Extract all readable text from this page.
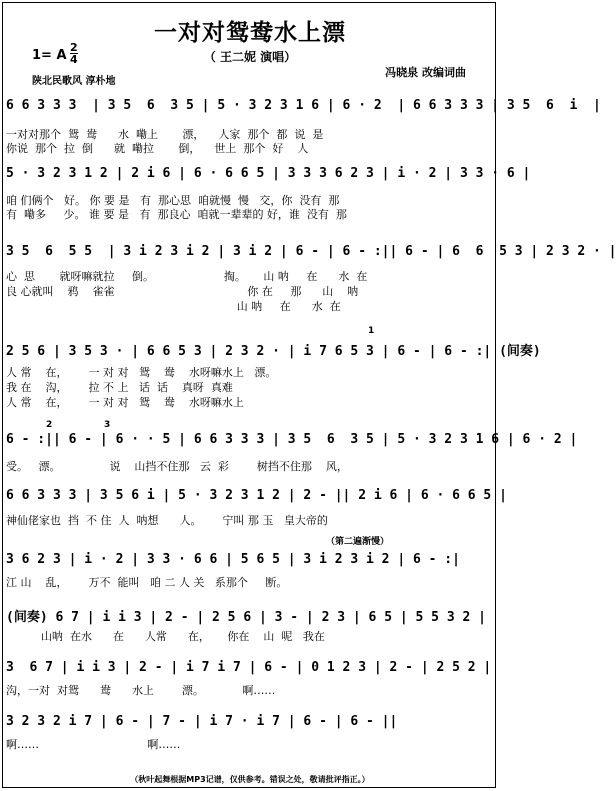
一对对鸳鸯水上漂
（ 王二妮 演唱）
1= A
2
4
陕北民歌风 淳朴地
冯晓泉 改编词曲
6 6 3 3 3  | 3 5  6  3 5 | 5 · 3 2 3 1 6 | 6 · 2  | 6 6 3 3 3 | 3 5  6  i  |
一对对那个  鸳  鸯      水  嘞上       漂，    人家  那个  都  说  是
你说  那个  拉  倒      就  嘞拉       倒，    世上  那个  好    人
5 · 3 2 3 1 2 | 2 i 6 | 6 · 6 6 5 | 3 3 3 6 2 3 | i · 2 | 3 3 · 6 |
咱 们俩个   好。 你 要 是   有  那心思  咱就慢  慢   交，你  没有  那
有  嘞多     少。 谁 要 是   有  那良心  咱就一辈辈的 好，谁  没有  那
3 5  6  5 5  | 3 i 2 3 i 2 | 3 i 2 | 6 - | 6 - :|| 6 - | 6  6  5 3 | 2 3 2 · |
心  思       就呀嘛就拉     倒。                    掏。     山 呐     在      水  在
良 心就叫    鸦    雀雀                                      你 在     那      山    呐
山 呐     在      水  在
1
2 5 6 | 3 5 3 · | 6 6 5 3 | 2 3 2 · | i 7 6 5 3 | 6 - | 6 - :| (间奏)
人 常    在，      一 对 对   鸳    鸯    水呀嘛水上   漂。
我 在    沟，      拉 不 上   话  话    真呀  真难
人 常    在，      一 对 对   鸳    鸯    水呀嘛水上
2	3
6 - :|| 6 - | 6 · · 5 | 6 6 3 3 3 | 3 5  6  3 5 | 5 · 3 2 3 1 6 | 6 · 2 |
受。   漂。              说    山挡不住那   云  彩        树挡不住那    风，
6 6 3 3 3 | 3 5 6 i | 5 · 3 2 3 1 2 | 2 - || 2 i 6 | 6 · 6 6 5 |
神仙佬家也  挡  不 住  人  呐想      人。      宁叫 那 玉   皇大帝的
（第二遍渐慢）
3 6 2 3 | i · 2 | 3 3 · 6 6 | 5 6 5 | 3 i 2 3 i 2 | 6 - :|
江 山    乱，      万不  能叫   咱 二 人 关   系那个     断。
(间奏) 6 7 | i i 3 | 2 - | 2 5 6 | 3 - | 2 3 | 6 5 | 5 5 3 2 |
山呐  在水      在      人常      在，     你在    山  呢   我在
3  6 7 | i i 3 | 2 - | i 7 i 7 | 6 - | 0 1 2 3 | 2 - | 2 5 2 |
沟，一对  对鸳      鸯      水上        漂。           啊……
3 2 3 2 i 7 | 6 - | 7 - | i 7 · i 7 | 6 - | 6 - ||
啊……                               啊……
（秋叶起舞根据MP3记谱，仅供参考。错误之处，敬请批评指正。）
